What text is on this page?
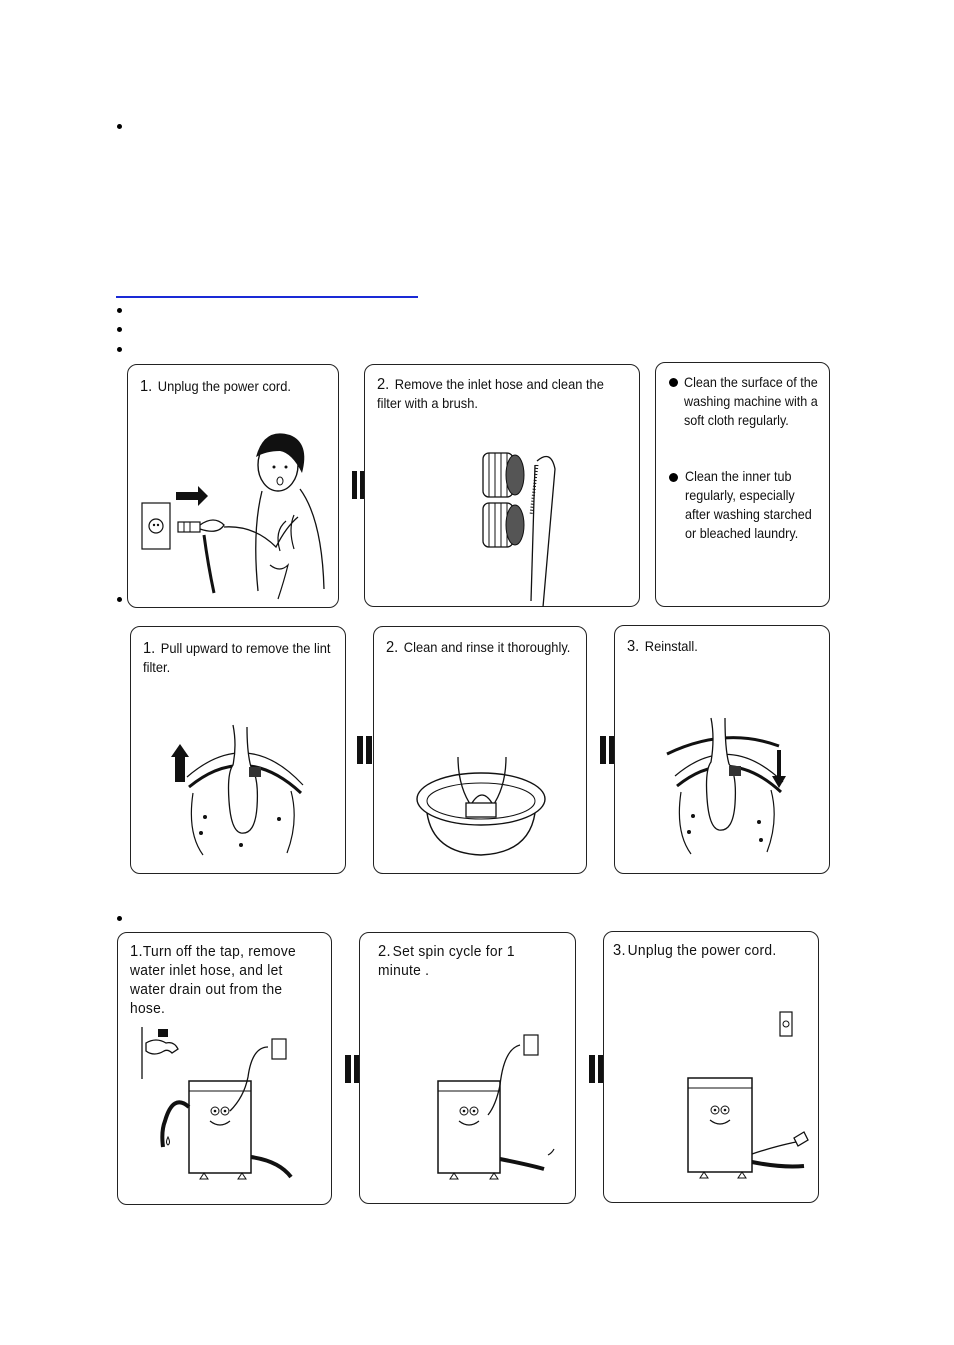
1. Unplug the power cord.	2. Remove the inlet hose and clean the filter with a brush.
Clean the surface of the washing machine with a soft cloth regularly.
Clean the inner tub regularly, especially after washing starched or bleached laundry.
1. Pull upward to remove the lint filter.
2. Clean and rinse it thoroughly.	3. Reinstall.
1.Turn off the tap, remove water inlet hose, and let water drain out from the hose.
2. Set spin cycle for 1 minute .
3. Unplug the power cord.
